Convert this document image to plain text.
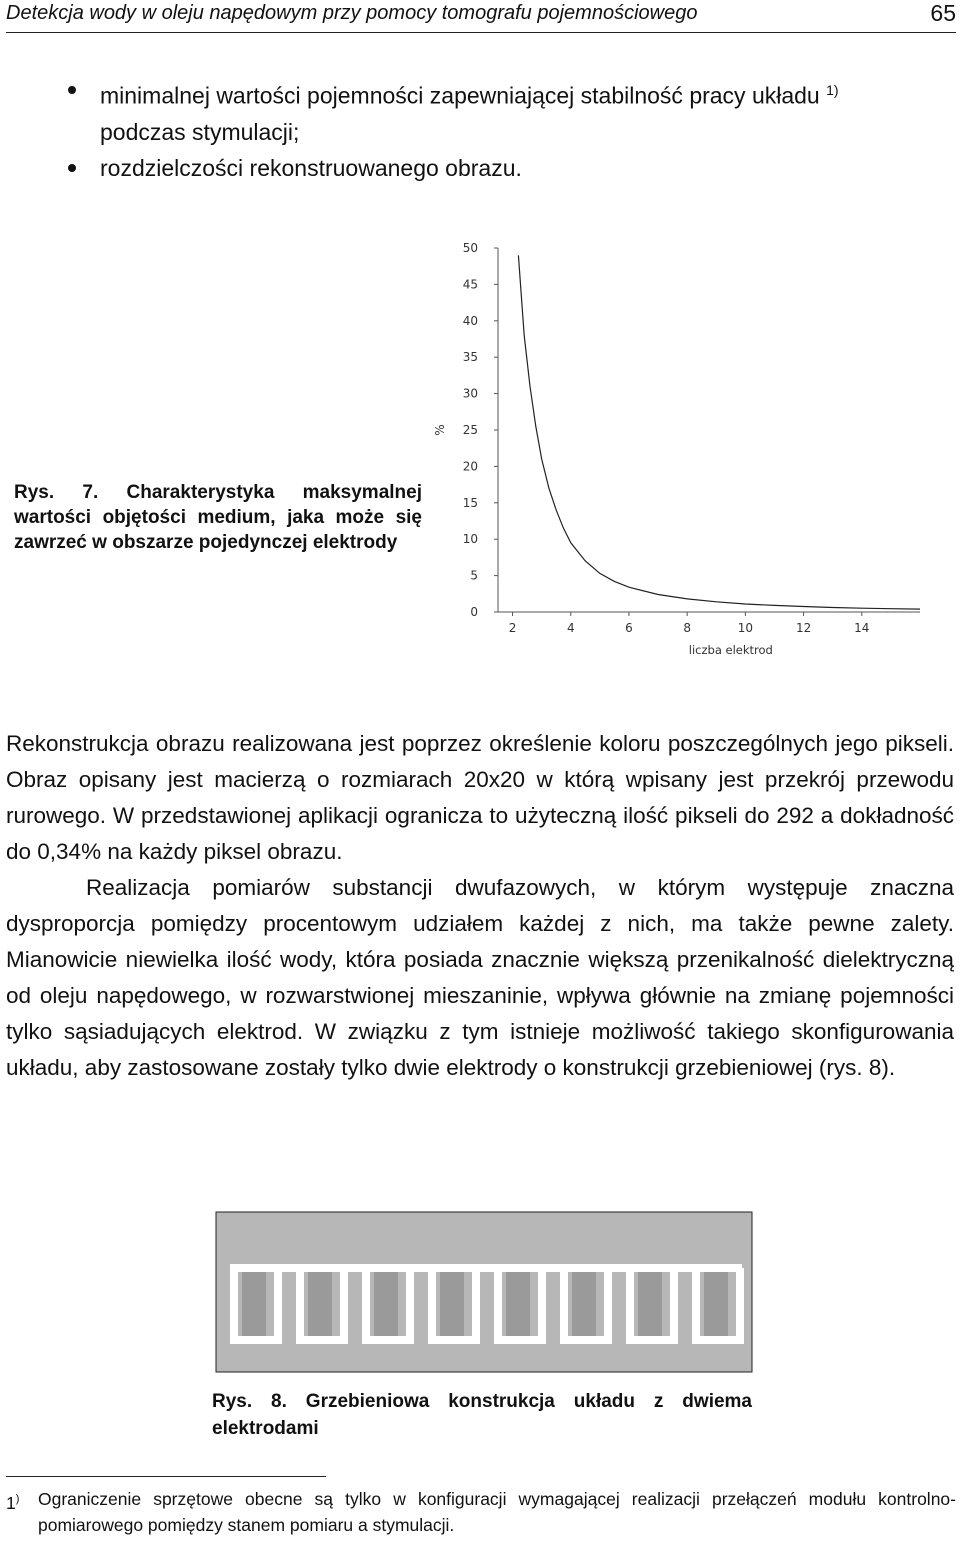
Detekcja wody w oleju napędowym przy pomocy tomografu pojemnościowego	65
minimalnej wartości pojemności zapewniającej stabilność pracy układu $^{1)}$
podczas stymulacji;
rozdzielczości rekonstruowanego obrazu.
Rys. 7. Charakterystyka maksymalnej wartości objętości medium, jaka może się zawrzeć w obszarze pojedynczej elektrody
0
5
10
15
20
25
30
35
40
45
50
2	4	6	8	10	12	14
%
liczba elektrod

Rekonstrukcja obrazu realizowana jest poprzez określenie koloru poszczególnych jego pikseli. Obraz opisany jest macierzą o rozmiarach 20x20 w którą wpisany jest przekrój przewodu rurowego. W przedstawionej aplikacji ogranicza to użyteczną ilość pikseli do 292 a dokładność do 0,34% na każdy piksel obrazu.

Realizacja pomiarów substancji dwufazowych, w którym występuje znaczna dysproporcja pomiędzy procentowym udziałem każdej z nich, ma także pewne zalety. Mianowicie niewielka ilość wody, która posiada znacznie większą przenikalność dielektryczną od oleju napędowego, w rozwarstwionej mieszaninie, wpływa głównie na zmianę pojemności tylko sąsiadujących elektrod. W związku z tym istnieje możliwość takiego skonfigurowania układu, aby zastosowane zostały tylko dwie elektrody o konstrukcji grzebieniowej (rys. 8).

Rys. 8. Grzebieniowa konstrukcja układu z dwiema elektrodami
1)	Ograniczenie sprzętowe obecne są tylko w konfiguracji wymagającej realizacji przełączeń modułu kontrolno-pomiarowego pomiędzy stanem pomiaru a stymulacji.
